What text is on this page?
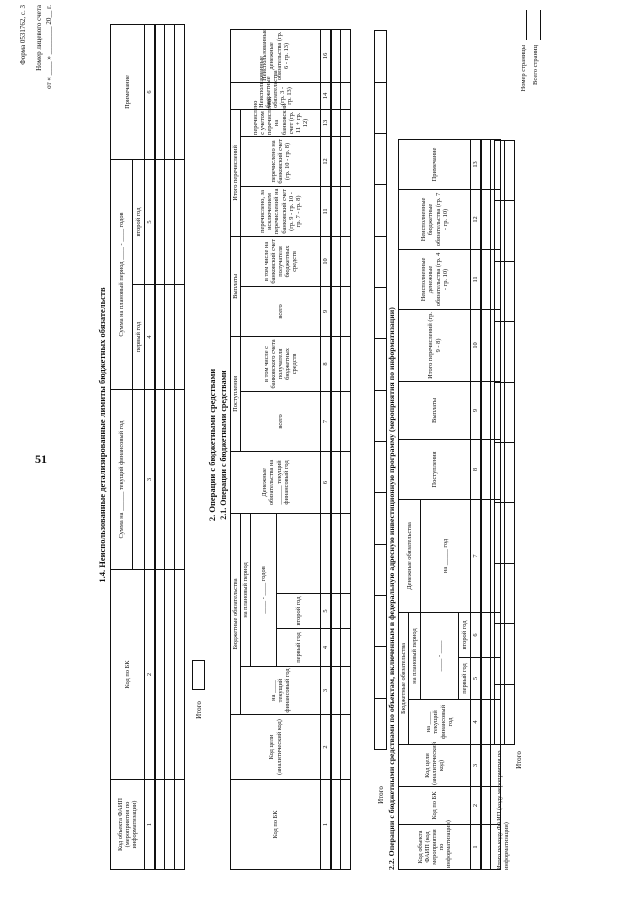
51
Форма 0531762, с. 3 Номер лицевого счета
от « ____ » ________ 20__ г.
1.4. Неиспользованные детализированные лимиты бюджетных обязательств
Код объекта ФАИП (мероприятия по информатизации)	Код по БК	Сумма на ______ текущий финансовый год	Сумма на плановый период ____ - ____ годов		Примечание
			первый год	второй год	
1	2	3	4	5	6

Итого
2. Операции с бюджетными средствами 2.1. Операции с бюджетными средствами
Код по БК	Код цели (аналитический код)	Бюджетные обязательства				Денежные обязательства на ______ текущий финансовый год	Поступления		Выплаты		Итого перечислений			Неиспользованные бюджетные обязательства (гр. 3 - гр. 13)	Неиспользованные денежные обязательства (гр. 6 - гр. 13)	
		на ____ текущий финансовый год	на плановый период				всего	в том числе с банковского счета получателя бюджетных средств	всего	в том числе на банковский счет получателя бюджетных средств	перечислено, за исключением перечислений на банковский счет (гр. 9 - гр. 10 - гр. 7 - гр. 8)	перечислено на банковский счет (гр. 10 - гр. 8)	перечислено с учетом перечислений на банковский счет (гр. 11 + гр. 12)			
			____ - ____ годов													
			первый год	второй год												
1	2	3	4	5		6	7	8	9	10	11	12	13	14	16	

Итого
													2.2. Операции с бюджетными средствами по объектам, включенным в федеральную адресную инвестиционную программу (мероприятия по информатизации)	Код объекта ФАИП (код мероприятия по информатизации)	Код по БК	Код цели (аналитический код)	Бюджетные обязательства			Денежные обязательства	Поступления	Выплаты	Итого перечислений (гр. 9 - 8)	Неисполненные денежные обязательства (гр. 4 - гр. 10)	Неисполненные бюджетные обязательства (гр. 7 - гр. 10)	Примечание
			на ____ текущий финансовый год	на плановый период								
				____ - ____		на _____ год						
				первый год	второй год							
1	2	3	4	5	6	7	8	9	10	11	12	13

Итого по коду ФАИП (коду мероприятия по информатизации)

Итого
Номер страницы Всего страниц
